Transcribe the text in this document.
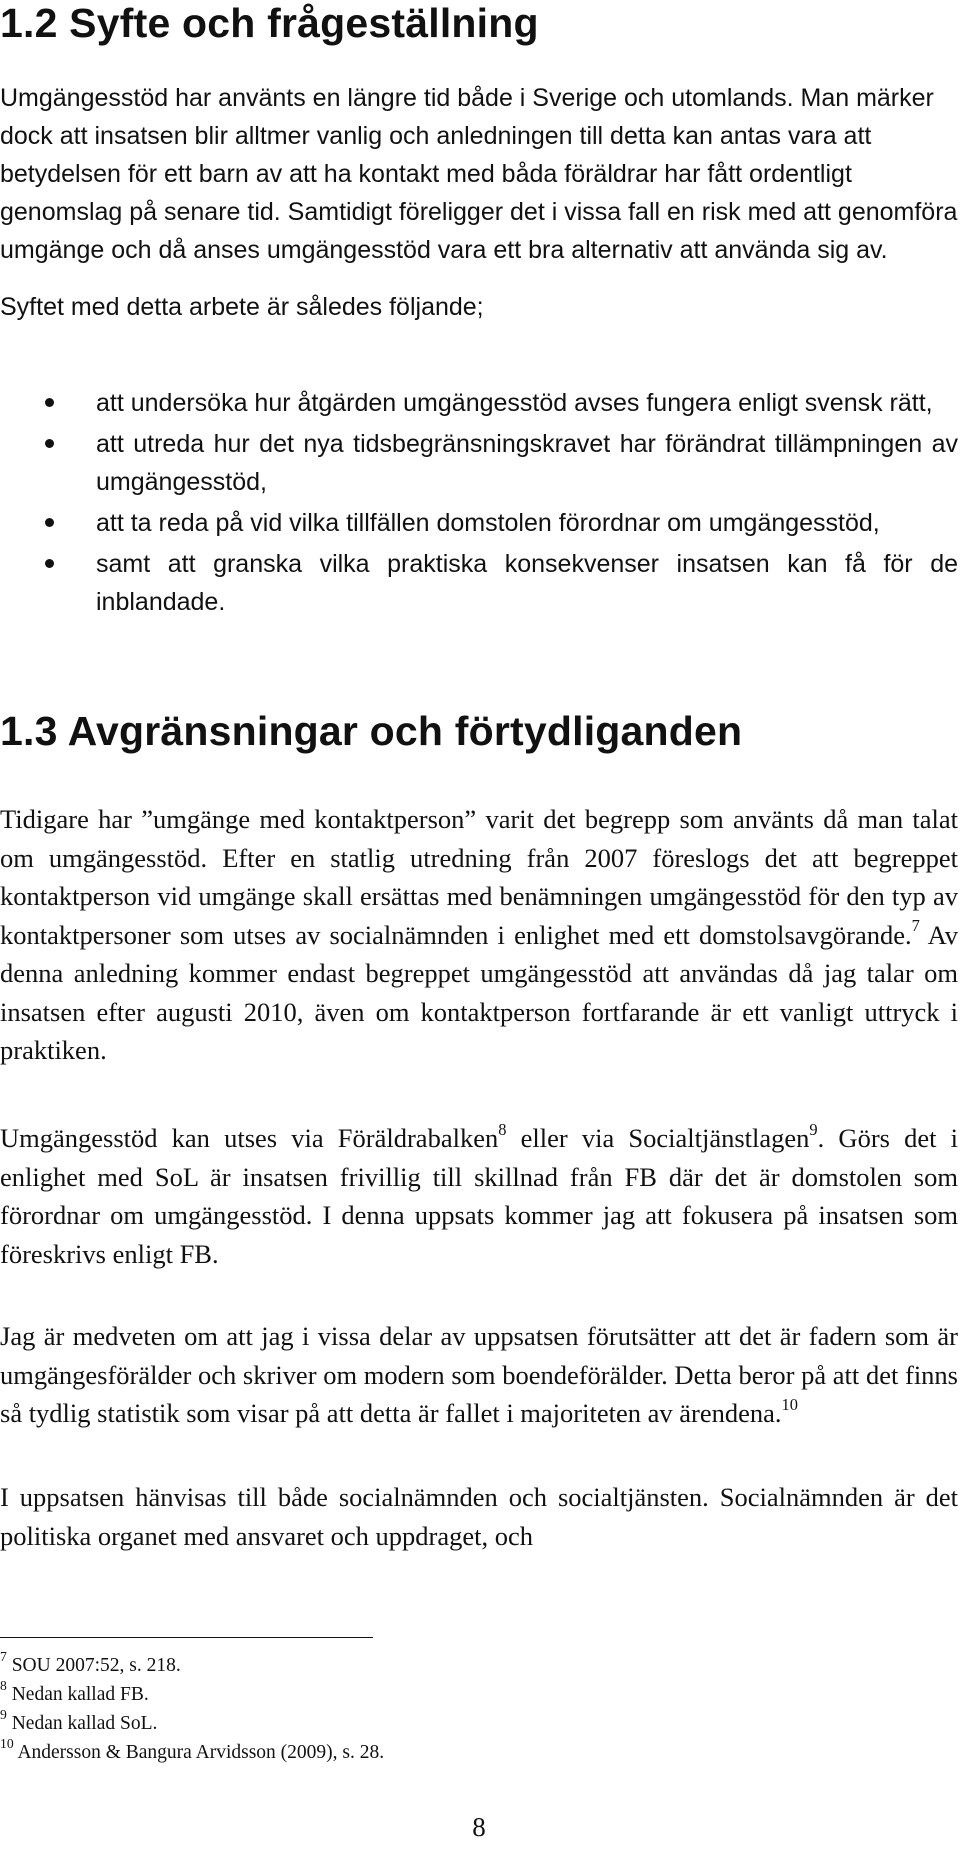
1.2 Syfte och frågeställning

Umgängesstöd har använts en längre tid både i Sverige och utomlands. Man märker dock att insatsen blir alltmer vanlig och anledningen till detta kan antas vara att betydelsen för ett barn av att ha kontakt med båda föräldrar har fått ordentligt genomslag på senare tid. Samtidigt föreligger det i vissa fall en risk med att genomföra umgänge och då anses umgängesstöd vara ett bra alternativ att använda sig av.

Syftet med detta arbete är således följande;

att undersöka hur åtgärden umgängesstöd avses fungera enligt svensk rätt,
att utreda hur det nya tidsbegränsningskravet har förändrat tillämpningen av umgängesstöd,
att ta reda på vid vilka tillfällen domstolen förordnar om umgängesstöd,
samt att granska vilka praktiska konsekvenser insatsen kan få för de inblandade.
1.3 Avgränsningar och förtydliganden

Tidigare har ”umgänge med kontaktperson” varit det begrepp som använts då man talat om umgängesstöd. Efter en statlig utredning från 2007 föreslogs det att begreppet kontaktperson vid umgänge skall ersättas med benämningen umgängesstöd för den typ av kontaktpersoner som utses av socialnämnden i enlighet med ett domstolsavgörande.$^7$ Av denna anledning kommer endast begreppet umgängesstöd att användas då jag talar om insatsen efter augusti 2010, även om kontaktperson fortfarande är ett vanligt uttryck i praktiken.

Umgängesstöd kan utses via Föräldrabalken$^8$ eller via Socialtjänstlagen$^9$. Görs det i enlighet med SoL är insatsen frivillig till skillnad från FB där det är domstolen som förordnar om umgängesstöd. I denna uppsats kommer jag att fokusera på insatsen som föreskrivs enligt FB.

Jag är medveten om att jag i vissa delar av uppsatsen förutsätter att det är fadern som är umgängesförälder och skriver om modern som boendeförälder. Detta beror på att det finns så tydlig statistik som visar på att detta är fallet i majoriteten av ärendena.$^{10}$

I uppsatsen hänvisas till både socialnämnden och socialtjänsten. Socialnämnden är det politiska organet med ansvaret och uppdraget, och

$^7$ SOU 2007:52, s. 218.
$^8$ Nedan kallad FB.
$^9$ Nedan kallad SoL.
$^{10}$ Andersson & Bangura Arvidsson (2009), s. 28.
8
